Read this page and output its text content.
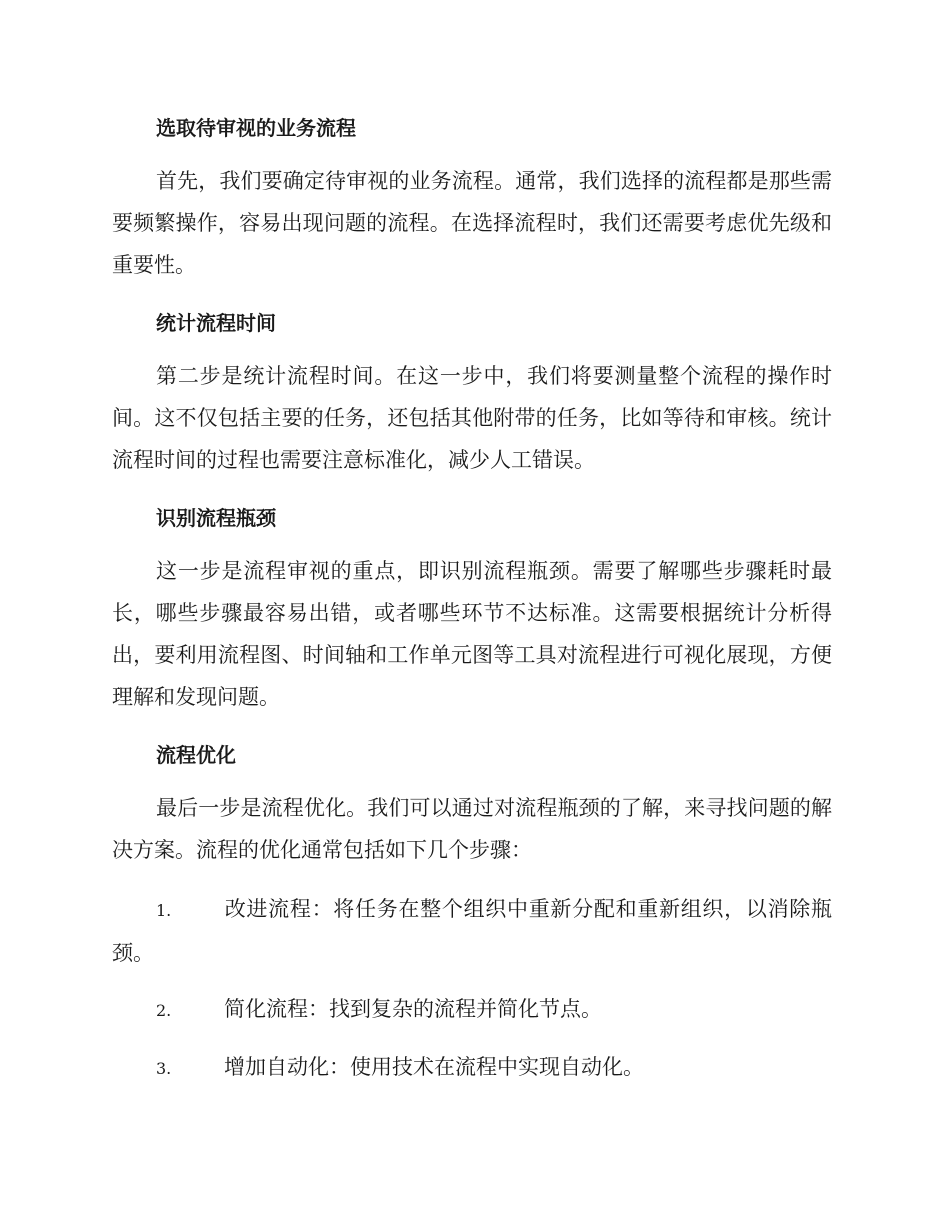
选取待审视的业务流程

首先，我们要确定待审视的业务流程。通常，我们选择的流程都是那些需要频繁操作，容易出现问题的流程。在选择流程时，我们还需要考虑优先级和重要性。

统计流程时间

第二步是统计流程时间。在这一步中，我们将要测量整个流程的操作时间。这不仅包括主要的任务，还包括其他附带的任务，比如等待和审核。统计流程时间的过程也需要注意标准化，减少人工错误。

识别流程瓶颈

这一步是流程审视的重点，即识别流程瓶颈。需要了解哪些步骤耗时最长，哪些步骤最容易出错，或者哪些环节不达标准。这需要根据统计分析得出，要利用流程图、时间轴和工作单元图等工具对流程进行可视化展现，方便理解和发现问题。

流程优化

最后一步是流程优化。我们可以通过对流程瓶颈的了解，来寻找问题的解决方案。流程的优化通常包括如下几个步骤：

1.	改进流程：将任务在整个组织中重新分配和重新组织，以消除瓶颈。
2.	简化流程：找到复杂的流程并简化节点。
3.	增加自动化：使用技术在流程中实现自动化。
